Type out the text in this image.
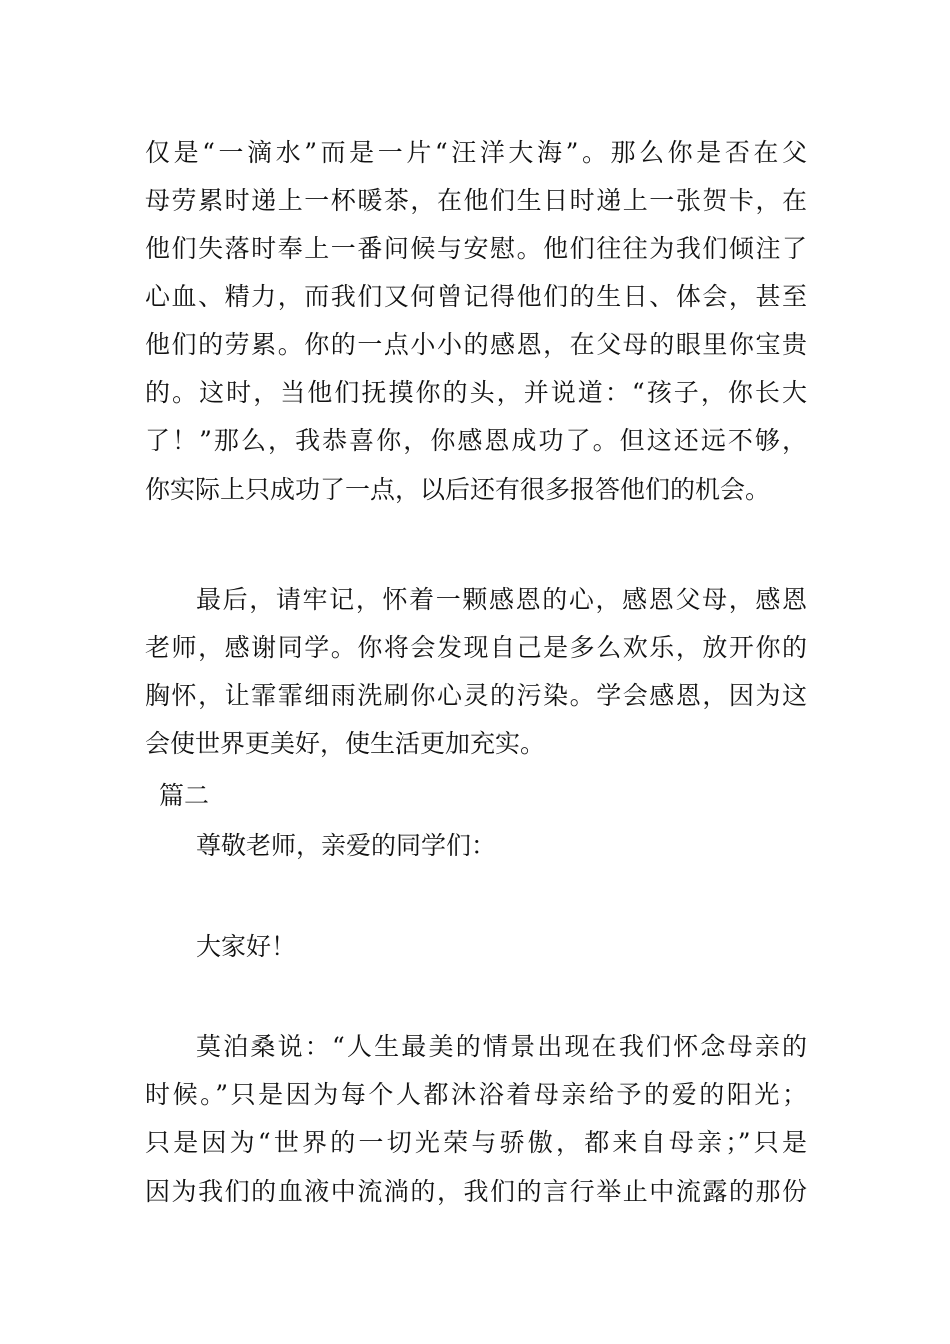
仅是“一滴水”而是一片“汪洋大海”。那么你是否在父
母劳累时递上一杯暖茶，在他们生日时递上一张贺卡，在
他们失落时奉上一番问候与安慰。他们往往为我们倾注了
心血、精力，而我们又何曾记得他们的生日、体会，甚至
他们的劳累。你的一点小小的感恩，在父母的眼里你宝贵
的。这时，当他们抚摸你的头，并说道：“孩子，你长大
了！”那么，我恭喜你，你感恩成功了。但这还远不够，
你实际上只成功了一点，以后还有很多报答他们的机会。
最后，请牢记，怀着一颗感恩的心，感恩父母，感恩
老师，感谢同学。你将会发现自己是多么欢乐，放开你的
胸怀，让霏霏细雨洗刷你心灵的污染。学会感恩，因为这
会使世界更美好，使生活更加充实。
篇二
尊敬老师，亲爱的同学们：
大家好！
莫泊桑说：“人生最美的情景出现在我们怀念母亲的
时候。”只是因为每个人都沐浴着母亲给予的爱的阳光；
只是因为“世界的一切光荣与骄傲，都来自母亲；”只是
因为我们的血液中流淌的，我们的言行举止中流露的那份
